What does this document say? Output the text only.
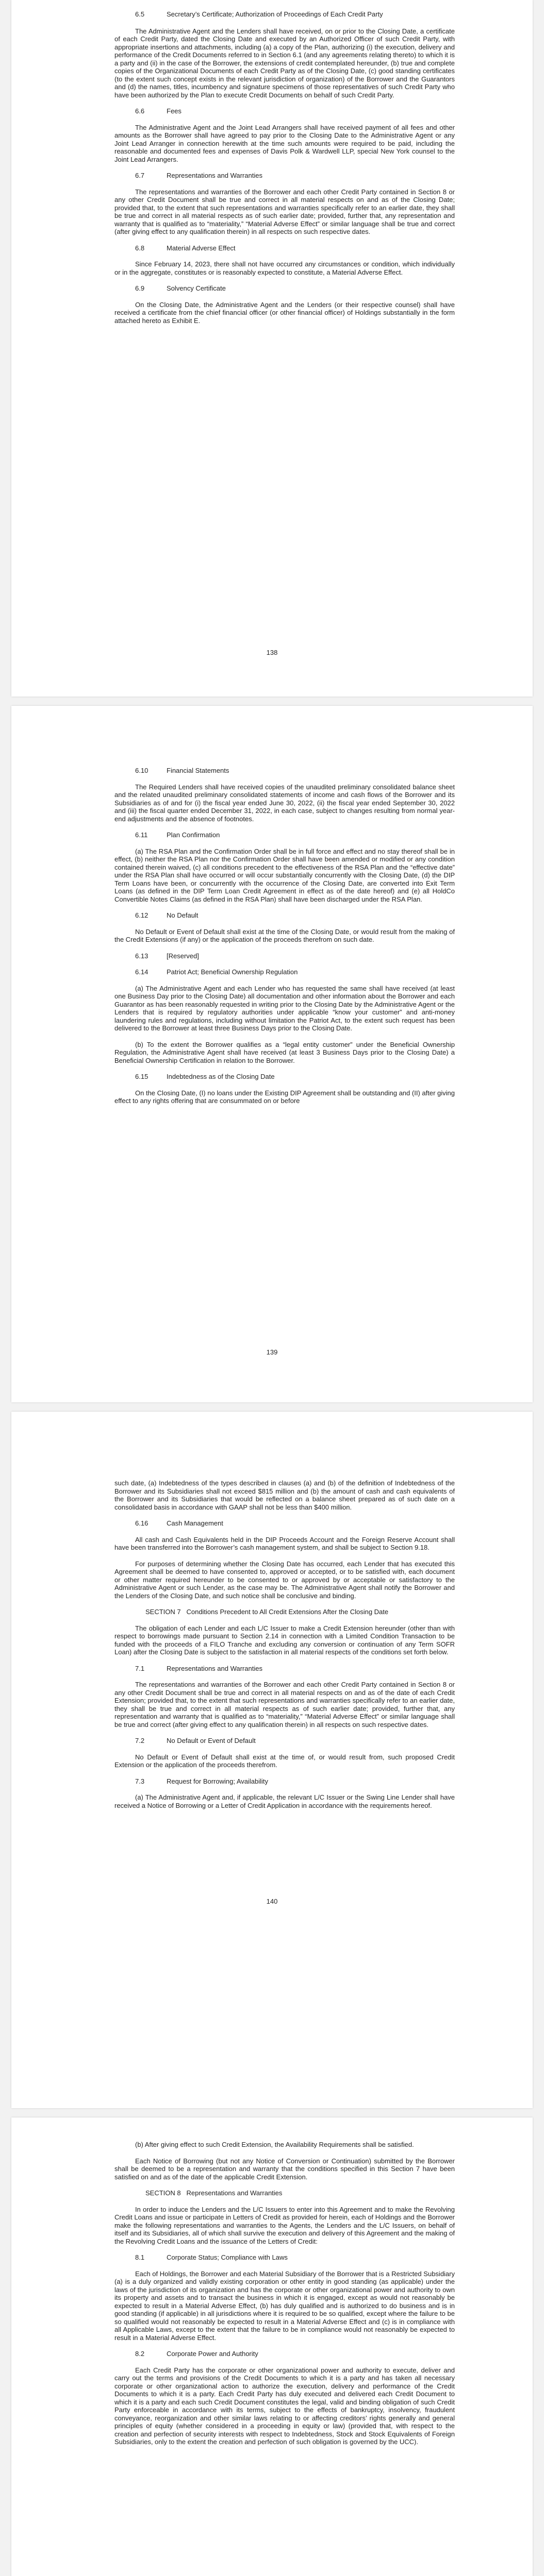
6.5	Secretary’s Certificate; Authorization of Proceedings of Each Credit Party

The Administrative Agent and the Lenders shall have received, on or prior to the Closing Date, a certificate of each Credit Party, dated the Closing Date and executed by an Authorized Officer of such Credit Party, with appropriate insertions and attachments, including (a) a copy of the Plan, authorizing (i) the execution, delivery and performance of the Credit Documents referred to in Section 6.1 (and any agreements relating thereto) to which it is a party and (ii) in the case of the Borrower, the extensions of credit contemplated hereunder, (b) true and complete copies of the Organizational Documents of each Credit Party as of the Closing Date, (c) good standing certificates (to the extent such concept exists in the relevant jurisdiction of organization) of the Borrower and the Guarantors and (d) the names, titles, incumbency and signature specimens of those representatives of such Credit Party who have been authorized by the Plan to execute Credit Documents on behalf of such Credit Party.

6.6	Fees

The Administrative Agent and the Joint Lead Arrangers shall have received payment of all fees and other amounts as the Borrower shall have agreed to pay prior to the Closing Date to the Administrative Agent or any Joint Lead Arranger in connection herewith at the time such amounts were required to be paid, including the reasonable and documented fees and expenses of Davis Polk & Wardwell LLP, special New York counsel to the Joint Lead Arrangers.

6.7	Representations and Warranties

The representations and warranties of the Borrower and each other Credit Party contained in Section 8 or any other Credit Document shall be true and correct in all material respects on and as of the Closing Date; provided that, to the extent that such representations and warranties specifically refer to an earlier date, they shall be true and correct in all material respects as of such earlier date; provided, further that, any representation and warranty that is qualified as to “materiality,” “Material Adverse Effect” or similar language shall be true and correct (after giving effect to any qualification therein) in all respects on such respective dates.

6.8	Material Adverse Effect

Since February 14, 2023, there shall not have occurred any circumstances or condition, which individually or in the aggregate, constitutes or is reasonably expected to constitute, a Material Adverse Effect.

6.9	Solvency Certificate

On the Closing Date, the Administrative Agent and the Lenders (or their respective counsel) shall have received a certificate from the chief financial officer (or other financial officer) of Holdings substantially in the form attached hereto as Exhibit E.

138

6.10	Financial Statements

The Required Lenders shall have received copies of the unaudited preliminary consolidated balance sheet and the related unaudited preliminary consolidated statements of income and cash flows of the Borrower and its Subsidiaries as of and for (i) the fiscal year ended June 30, 2022, (ii) the fiscal year ended September 30, 2022 and (iii) the fiscal quarter ended December 31, 2022, in each case, subject to changes resulting from normal year-end adjustments and the absence of footnotes.

6.11	Plan Confirmation

(a) The RSA Plan and the Confirmation Order shall be in full force and effect and no stay thereof shall be in effect, (b) neither the RSA Plan nor the Confirmation Order shall have been amended or modified or any condition contained therein waived, (c) all conditions precedent to the effectiveness of the RSA Plan and the “effective date” under the RSA Plan shall have occurred or will occur substantially concurrently with the Closing Date, (d) the DIP Term Loans have been, or concurrently with the occurrence of the Closing Date, are converted into Exit Term Loans (as defined in the DIP Term Loan Credit Agreement in effect as of the date hereof) and (e) all HoldCo Convertible Notes Claims (as defined in the RSA Plan) shall have been discharged under the RSA Plan.

6.12	No Default

No Default or Event of Default shall exist at the time of the Closing Date, or would result from the making of the Credit Extensions (if any) or the application of the proceeds therefrom on such date.

6.13	[Reserved]

6.14	Patriot Act; Beneficial Ownership Regulation

(a) The Administrative Agent and each Lender who has requested the same shall have received (at least one Business Day prior to the Closing Date) all documentation and other information about the Borrower and each Guarantor as has been reasonably requested in writing prior to the Closing Date by the Administrative Agent or the Lenders that is required by regulatory authorities under applicable “know your customer” and anti-money laundering rules and regulations, including without limitation the Patriot Act, to the extent such request has been delivered to the Borrower at least three Business Days prior to the Closing Date.

(b) To the extent the Borrower qualifies as a “legal entity customer” under the Beneficial Ownership Regulation, the Administrative Agent shall have received (at least 3 Business Days prior to the Closing Date) a Beneficial Ownership Certification in relation to the Borrower.

6.15	Indebtedness as of the Closing Date

On the Closing Date, (I) no loans under the Existing DIP Agreement shall be outstanding and (II) after giving effect to any rights offering that are consummated on or before

139

such date, (a) Indebtedness of the types described in clauses (a) and (b) of the definition of Indebtedness of the Borrower and its Subsidiaries shall not exceed $815 million and (b) the amount of cash and cash equivalents of the Borrower and its Subsidiaries that would be reflected on a balance sheet prepared as of such date on a consolidated basis in accordance with GAAP shall not be less than $400 million.

6.16	Cash Management

All cash and Cash Equivalents held in the DIP Proceeds Account and the Foreign Reserve Account shall have been transferred into the Borrower’s cash management system, and shall be subject to Section 9.18.

For purposes of determining whether the Closing Date has occurred, each Lender that has executed this Agreement shall be deemed to have consented to, approved or accepted, or to be satisfied with, each document or other matter required hereunder to be consented to or approved by or acceptable or satisfactory to the Administrative Agent or such Lender, as the case may be. The Administrative Agent shall notify the Borrower and the Lenders of the Closing Date, and such notice shall be conclusive and binding.

SECTION 7 Conditions Precedent to All Credit Extensions After the Closing Date

The obligation of each Lender and each L/C Issuer to make a Credit Extension hereunder (other than with respect to borrowings made pursuant to Section 2.14 in connection with a Limited Condition Transaction to be funded with the proceeds of a FILO Tranche and excluding any conversion or continuation of any Term SOFR Loan) after the Closing Date is subject to the satisfaction in all material respects of the conditions set forth below.

7.1	Representations and Warranties

The representations and warranties of the Borrower and each other Credit Party contained in Section 8 or any other Credit Document shall be true and correct in all material respects on and as of the date of each Credit Extension; provided that, to the extent that such representations and warranties specifically refer to an earlier date, they shall be true and correct in all material respects as of such earlier date; provided, further that, any representation and warranty that is qualified as to “materiality,” “Material Adverse Effect” or similar language shall be true and correct (after giving effect to any qualification therein) in all respects on such respective dates.

7.2	No Default or Event of Default

No Default or Event of Default shall exist at the time of, or would result from, such proposed Credit Extension or the application of the proceeds therefrom.

7.3	Request for Borrowing; Availability

(a) The Administrative Agent and, if applicable, the relevant L/C Issuer or the Swing Line Lender shall have received a Notice of Borrowing or a Letter of Credit Application in accordance with the requirements hereof.

140

(b) After giving effect to such Credit Extension, the Availability Requirements shall be satisfied.

Each Notice of Borrowing (but not any Notice of Conversion or Continuation) submitted by the Borrower shall be deemed to be a representation and warranty that the conditions specified in this Section 7 have been satisfied on and as of the date of the applicable Credit Extension.

SECTION 8 Representations and Warranties

In order to induce the Lenders and the L/C Issuers to enter into this Agreement and to make the Revolving Credit Loans and issue or participate in Letters of Credit as provided for herein, each of Holdings and the Borrower make the following representations and warranties to the Agents, the Lenders and the L/C Issuers, on behalf of itself and its Subsidiaries, all of which shall survive the execution and delivery of this Agreement and the making of the Revolving Credit Loans and the issuance of the Letters of Credit:

8.1	Corporate Status; Compliance with Laws

Each of Holdings, the Borrower and each Material Subsidiary of the Borrower that is a Restricted Subsidiary (a) is a duly organized and validly existing corporation or other entity in good standing (as applicable) under the laws of the jurisdiction of its organization and has the corporate or other organizational power and authority to own its property and assets and to transact the business in which it is engaged, except as would not reasonably be expected to result in a Material Adverse Effect, (b) has duly qualified and is authorized to do business and is in good standing (if applicable) in all jurisdictions where it is required to be so qualified, except where the failure to be so qualified would not reasonably be expected to result in a Material Adverse Effect and (c) is in compliance with all Applicable Laws, except to the extent that the failure to be in compliance would not reasonably be expected to result in a Material Adverse Effect.

8.2	Corporate Power and Authority

Each Credit Party has the corporate or other organizational power and authority to execute, deliver and carry out the terms and provisions of the Credit Documents to which it is a party and has taken all necessary corporate or other organizational action to authorize the execution, delivery and performance of the Credit Documents to which it is a party. Each Credit Party has duly executed and delivered each Credit Document to which it is a party and each such Credit Document constitutes the legal, valid and binding obligation of such Credit Party enforceable in accordance with its terms, subject to the effects of bankruptcy, insolvency, fraudulent conveyance, reorganization and other similar laws relating to or affecting creditors’ rights generally and general principles of equity (whether considered in a proceeding in equity or law) (provided that, with respect to the creation and perfection of security interests with respect to Indebtedness, Stock and Stock Equivalents of Foreign Subsidiaries, only to the extent the creation and perfection of such obligation is governed by the UCC).
